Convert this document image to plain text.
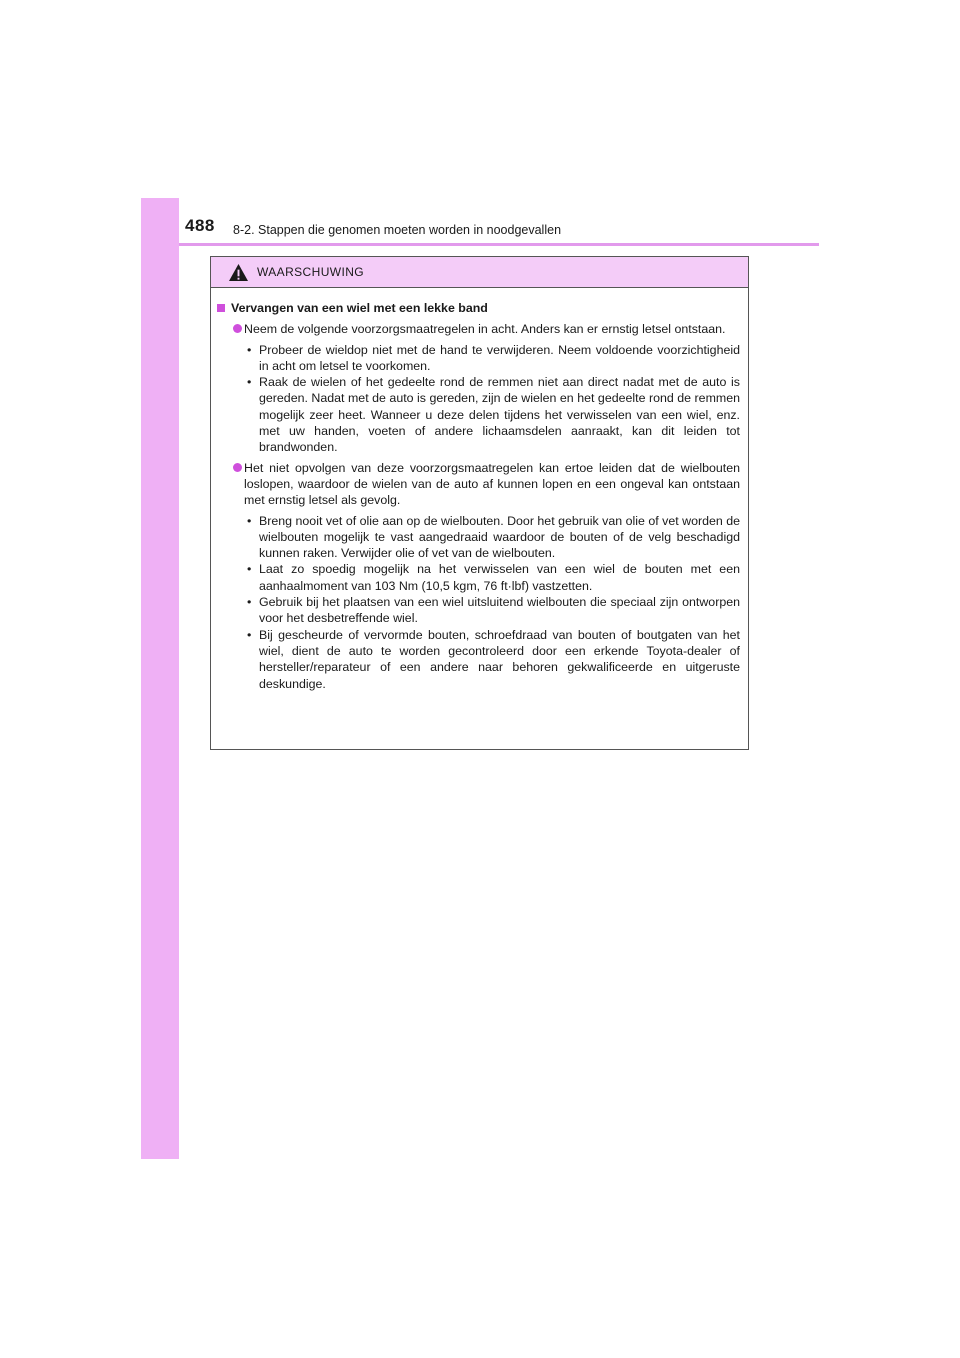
488 8-2. Stappen die genomen moeten worden in noodgevallen
WAARSCHUWING
Vervangen van een wiel met een lekke band
Neem de volgende voorzorgsmaatregelen in acht. Anders kan er ernstig letsel ontstaan.
• Probeer de wieldop niet met de hand te verwijderen. Neem voldoende voorzichtigheid in acht om letsel te voorkomen.
• Raak de wielen of het gedeelte rond de remmen niet aan direct nadat met de auto is gereden. Nadat met de auto is gereden, zijn de wielen en het gedeelte rond de remmen mogelijk zeer heet. Wanneer u deze delen tijdens het verwisselen van een wiel, enz. met uw handen, voeten of andere lichaamsdelen aanraakt, kan dit leiden tot brandwonden.
Het niet opvolgen van deze voorzorgsmaatregelen kan ertoe leiden dat de wielbouten loslopen, waardoor de wielen van de auto af kunnen lopen en een ongeval kan ontstaan met ernstig letsel als gevolg.
• Breng nooit vet of olie aan op de wielbouten. Door het gebruik van olie of vet worden de wielbouten mogelijk te vast aangedraaid waardoor de bouten of de velg beschadigd kunnen raken. Verwijder olie of vet van de wielbouten.
• Laat zo spoedig mogelijk na het verwisselen van een wiel de bouten met een aanhaalmoment van 103 Nm (10,5 kgm, 76 ft·lbf) vastzetten.
• Gebruik bij het plaatsen van een wiel uitsluitend wielbouten die speciaal zijn ontworpen voor het desbetreffende wiel.
• Bij gescheurde of vervormde bouten, schroefdraad van bouten of boutgaten van het wiel, dient de auto te worden gecontroleerd door een erkende Toyota-dealer of hersteller/reparateur of een andere naar behoren gekwalificeerde en uitgeruste deskundige.
